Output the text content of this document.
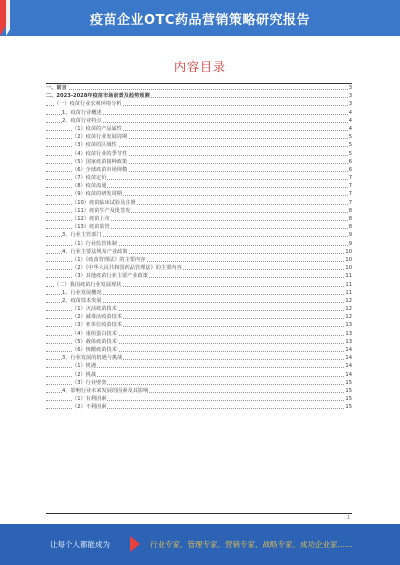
疫苗企业OTC药品营销策略研究报告
内容目录
一、前言	3
二、2023-2028年疫苗市场前景及趋势预测	3
（一）疫苗行业宏观环境分析	3
1、疫苗行业概述	4
2、疫苗行业特点	4
（1）疫苗的产品属性	4
（2）疫苗行业发展周期	5
（3）疫苗的区域性	5
（4）疫苗行业的季节性	5
（5）国家疫苗接种政策	6
（6）全球疫苗市场规模	6
（7）疫苗定价	7
（8）疫苗流通	7
（9）疫苗的研发周期	7
（10）疫苗临床试验及注册	7
（11）疫苗生产及批签发	8
（12）疫苗上市	8
（13）疫苗监管	8
3、行业主管部门	9
（1）行业监管体制	9
4、行业主要法规及产业政策	10
（1）《疫苗管理法》的主要内容	10
（2）《中华人民共和国药品管理法》的主要内容	10
（3）其他疫苗行业主要产业政策	11
（二）我国疫苗行业发展现状	11
1、行业发展概况	11
2、疫苗技术发展	12
（1）灭活疫苗技术	12
（2）减毒活疫苗技术	12
（3）亚单位疫苗技术	13
（4）重组蛋白技术	13
（5）载体疫苗技术	13
（6）核酸疫苗技术	14
3、行业发展的机遇与挑战	14
（1）机遇	14
（2）挑战	14
（3）行业壁垒	15
4、影响行业未来发展的因素及其影响	15
（1）有利因素	15
（2）不利因素	15
1
让每个人都能成为	行业专家、管理专家、营销专家、战略专家、成功企业家……
